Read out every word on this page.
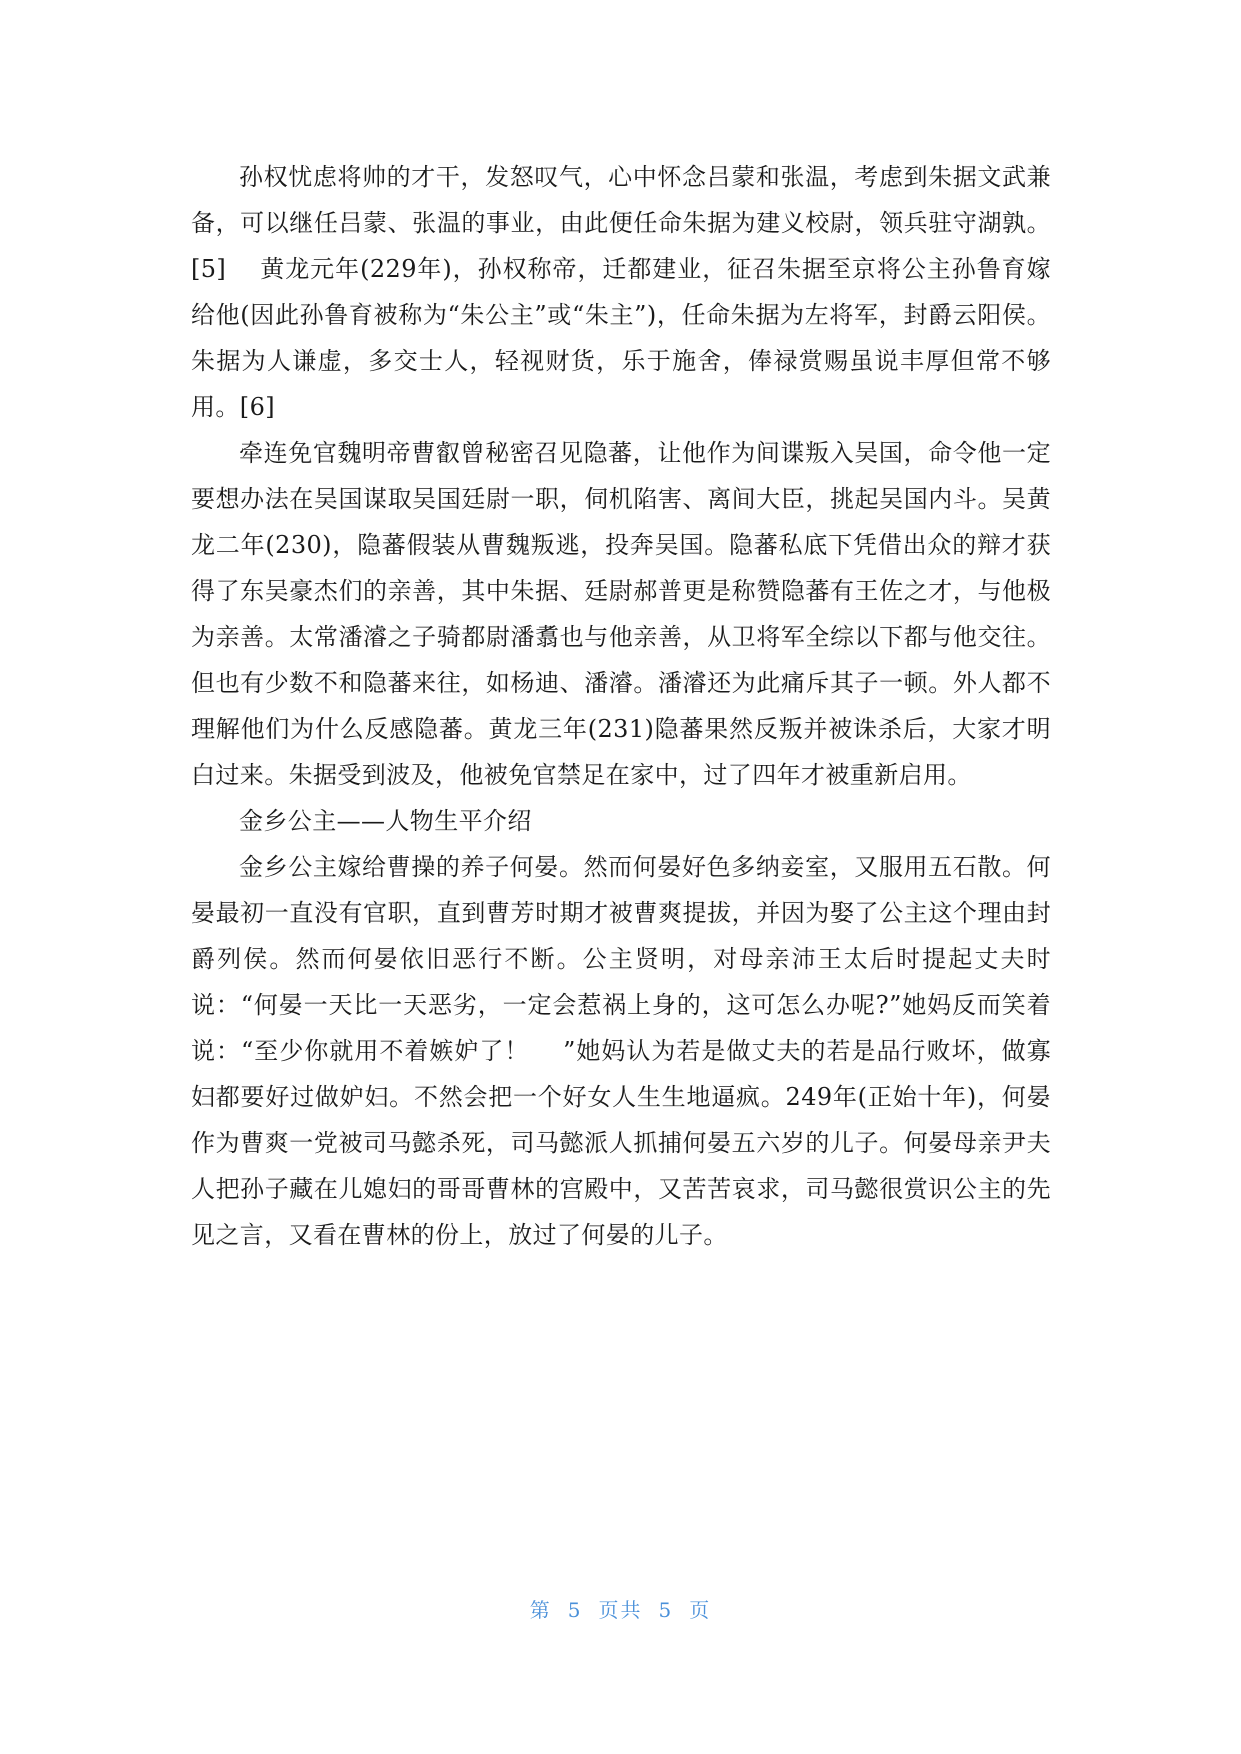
孙权忧虑将帅的才干，发怒叹气，心中怀念吕蒙和张温，考虑到朱据文武兼备，可以继任吕蒙、张温的事业，由此便任命朱据为建义校尉，领兵驻守湖孰。[5]　 黄龙元年(229年)，孙权称帝，迁都建业，征召朱据至京将公主孙鲁育嫁给他(因此孙鲁育被称为“朱公主”或“朱主”)，任命朱据为左将军，封爵云阳侯。朱据为人谦虚，多交士人，轻视财货，乐于施舍，俸禄赏赐虽说丰厚但常不够用。[6]

牵连免官魏明帝曹叡曾秘密召见隐蕃，让他作为间谍叛入吴国，命令他一定要想办法在吴国谋取吴国廷尉一职，伺机陷害、离间大臣，挑起吴国内斗。吴黄龙二年(230)，隐蕃假装从曹魏叛逃，投奔吴国。隐蕃私底下凭借出众的辩才获得了东吴豪杰们的亲善，其中朱据、廷尉郝普更是称赞隐蕃有王佐之才，与他极为亲善。太常潘濬之子骑都尉潘翥也与他亲善，从卫将军全综以下都与他交往。但也有少数不和隐蕃来往，如杨迪、潘濬。潘濬还为此痛斥其子一顿。外人都不理解他们为什么反感隐蕃。黄龙三年(231)隐蕃果然反叛并被诛杀后，大家才明白过来。朱据受到波及，他被免官禁足在家中，过了四年才被重新启用。

金乡公主——人物生平介绍

金乡公主嫁给曹操的养子何晏。然而何晏好色多纳妾室，又服用五石散。何晏最初一直没有官职，直到曹芳时期才被曹爽提拔，并因为娶了公主这个理由封爵列侯。然而何晏依旧恶行不断。公主贤明，对母亲沛王太后时提起丈夫时说：“何晏一天比一天恶劣，一定会惹祸上身的，这可怎么办呢?”她妈反而笑着说：“至少你就用不着嫉妒了！　 ”她妈认为若是做丈夫的若是品行败坏，做寡妇都要好过做妒妇。不然会把一个好女人生生地逼疯。249年(正始十年)，何晏作为曹爽一党被司马懿杀死，司马懿派人抓捕何晏五六岁的儿子。何晏母亲尹夫人把孙子藏在儿媳妇的哥哥曹林的宫殿中，又苦苦哀求，司马懿很赏识公主的先见之言，又看在曹林的份上，放过了何晏的儿子。

第 5 页共 5 页
